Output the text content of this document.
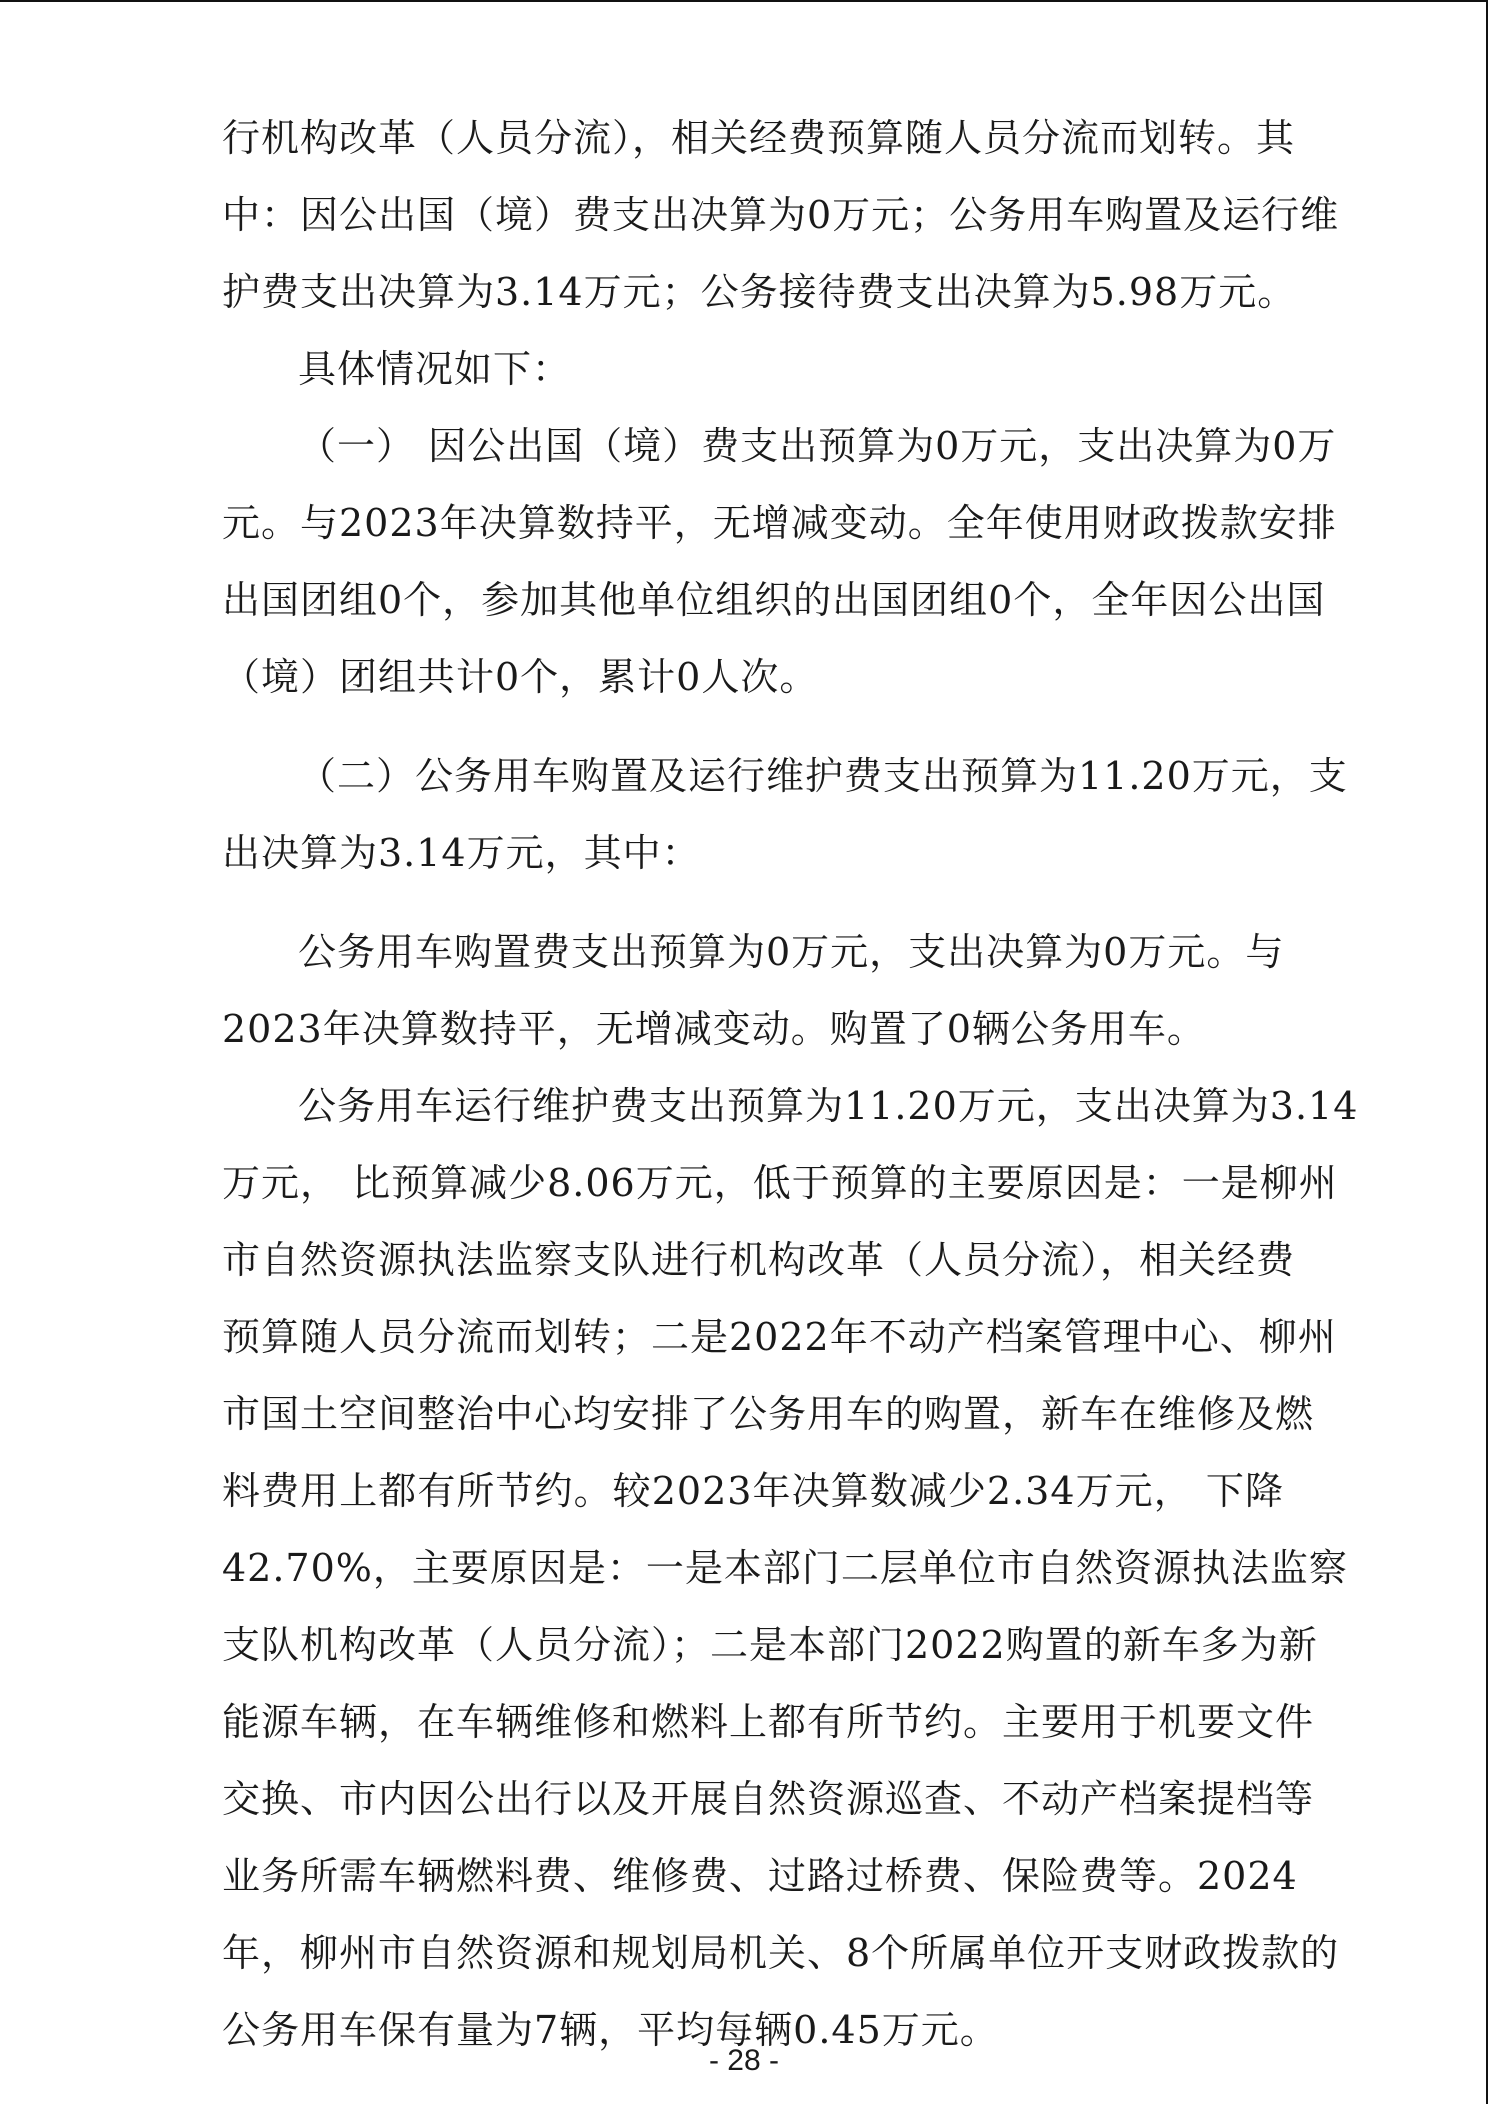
行机构改革（人员分流），相关经费预算随人员分流而划转。其
中：因公出国（境）费支出决算为0万元；公务用车购置及运行维
护费支出决算为3.14万元；公务接待费支出决算为5.98万元。
具体情况如下：
（一） 因公出国（境）费支出预算为0万元，支出决算为0万
元。与2023年决算数持平，无增减变动。全年使用财政拨款安排
出国团组0个，参加其他单位组织的出国团组0个，全年因公出国
（境）团组共计0个，累计0人次。
（二）公务用车购置及运行维护费支出预算为11.20万元，支
出决算为3.14万元，其中：
公务用车购置费支出预算为0万元，支出决算为0万元。与
2023年决算数持平，无增减变动。购置了0辆公务用车。
公务用车运行维护费支出预算为11.20万元，支出决算为3.14
万元， 比预算减少8.06万元，低于预算的主要原因是：一是柳州
市自然资源执法监察支队进行机构改革（人员分流），相关经费
预算随人员分流而划转；二是2022年不动产档案管理中心、柳州
市国土空间整治中心均安排了公务用车的购置，新车在维修及燃
料费用上都有所节约。较2023年决算数减少2.34万元， 下降
42.70%，主要原因是：一是本部门二层单位市自然资源执法监察
支队机构改革（人员分流）；二是本部门2022购置的新车多为新
能源车辆，在车辆维修和燃料上都有所节约。主要用于机要文件
交换、市内因公出行以及开展自然资源巡查、不动产档案提档等
业务所需车辆燃料费、维修费、过路过桥费、保险费等。2024
年，柳州市自然资源和规划局机关、8个所属单位开支财政拨款的
公务用车保有量为7辆，平均每辆0.45万元。
- 28 -
